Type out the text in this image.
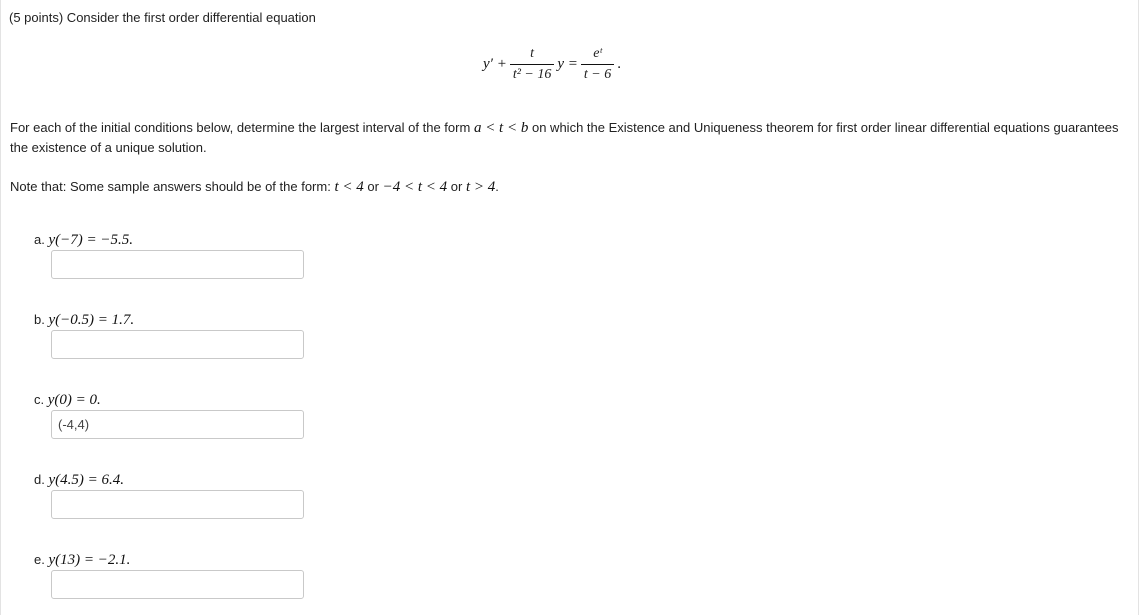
(5 points) Consider the first order differential equation
$y' + \frac{t}{\text{t² − 16}}$ $y = \frac{\text{eᵗ}}{t - 6}$ .
For each of the initial conditions below, determine the largest interval of the form a < t < b on which the Existence and Uniqueness theorem for first order linear differential equations guarantees the existence of a unique solution.
Note that: Some sample answers should be of the form: t < 4 or −4 < t < 4 or t > 4.
a. y(−7) = −5.5.
b. y(−0.5) = 1.7.
c. y(0) = 0.
(-4,4)
d. y(4.5) = 6.4.
e. y(13) = −2.1.
